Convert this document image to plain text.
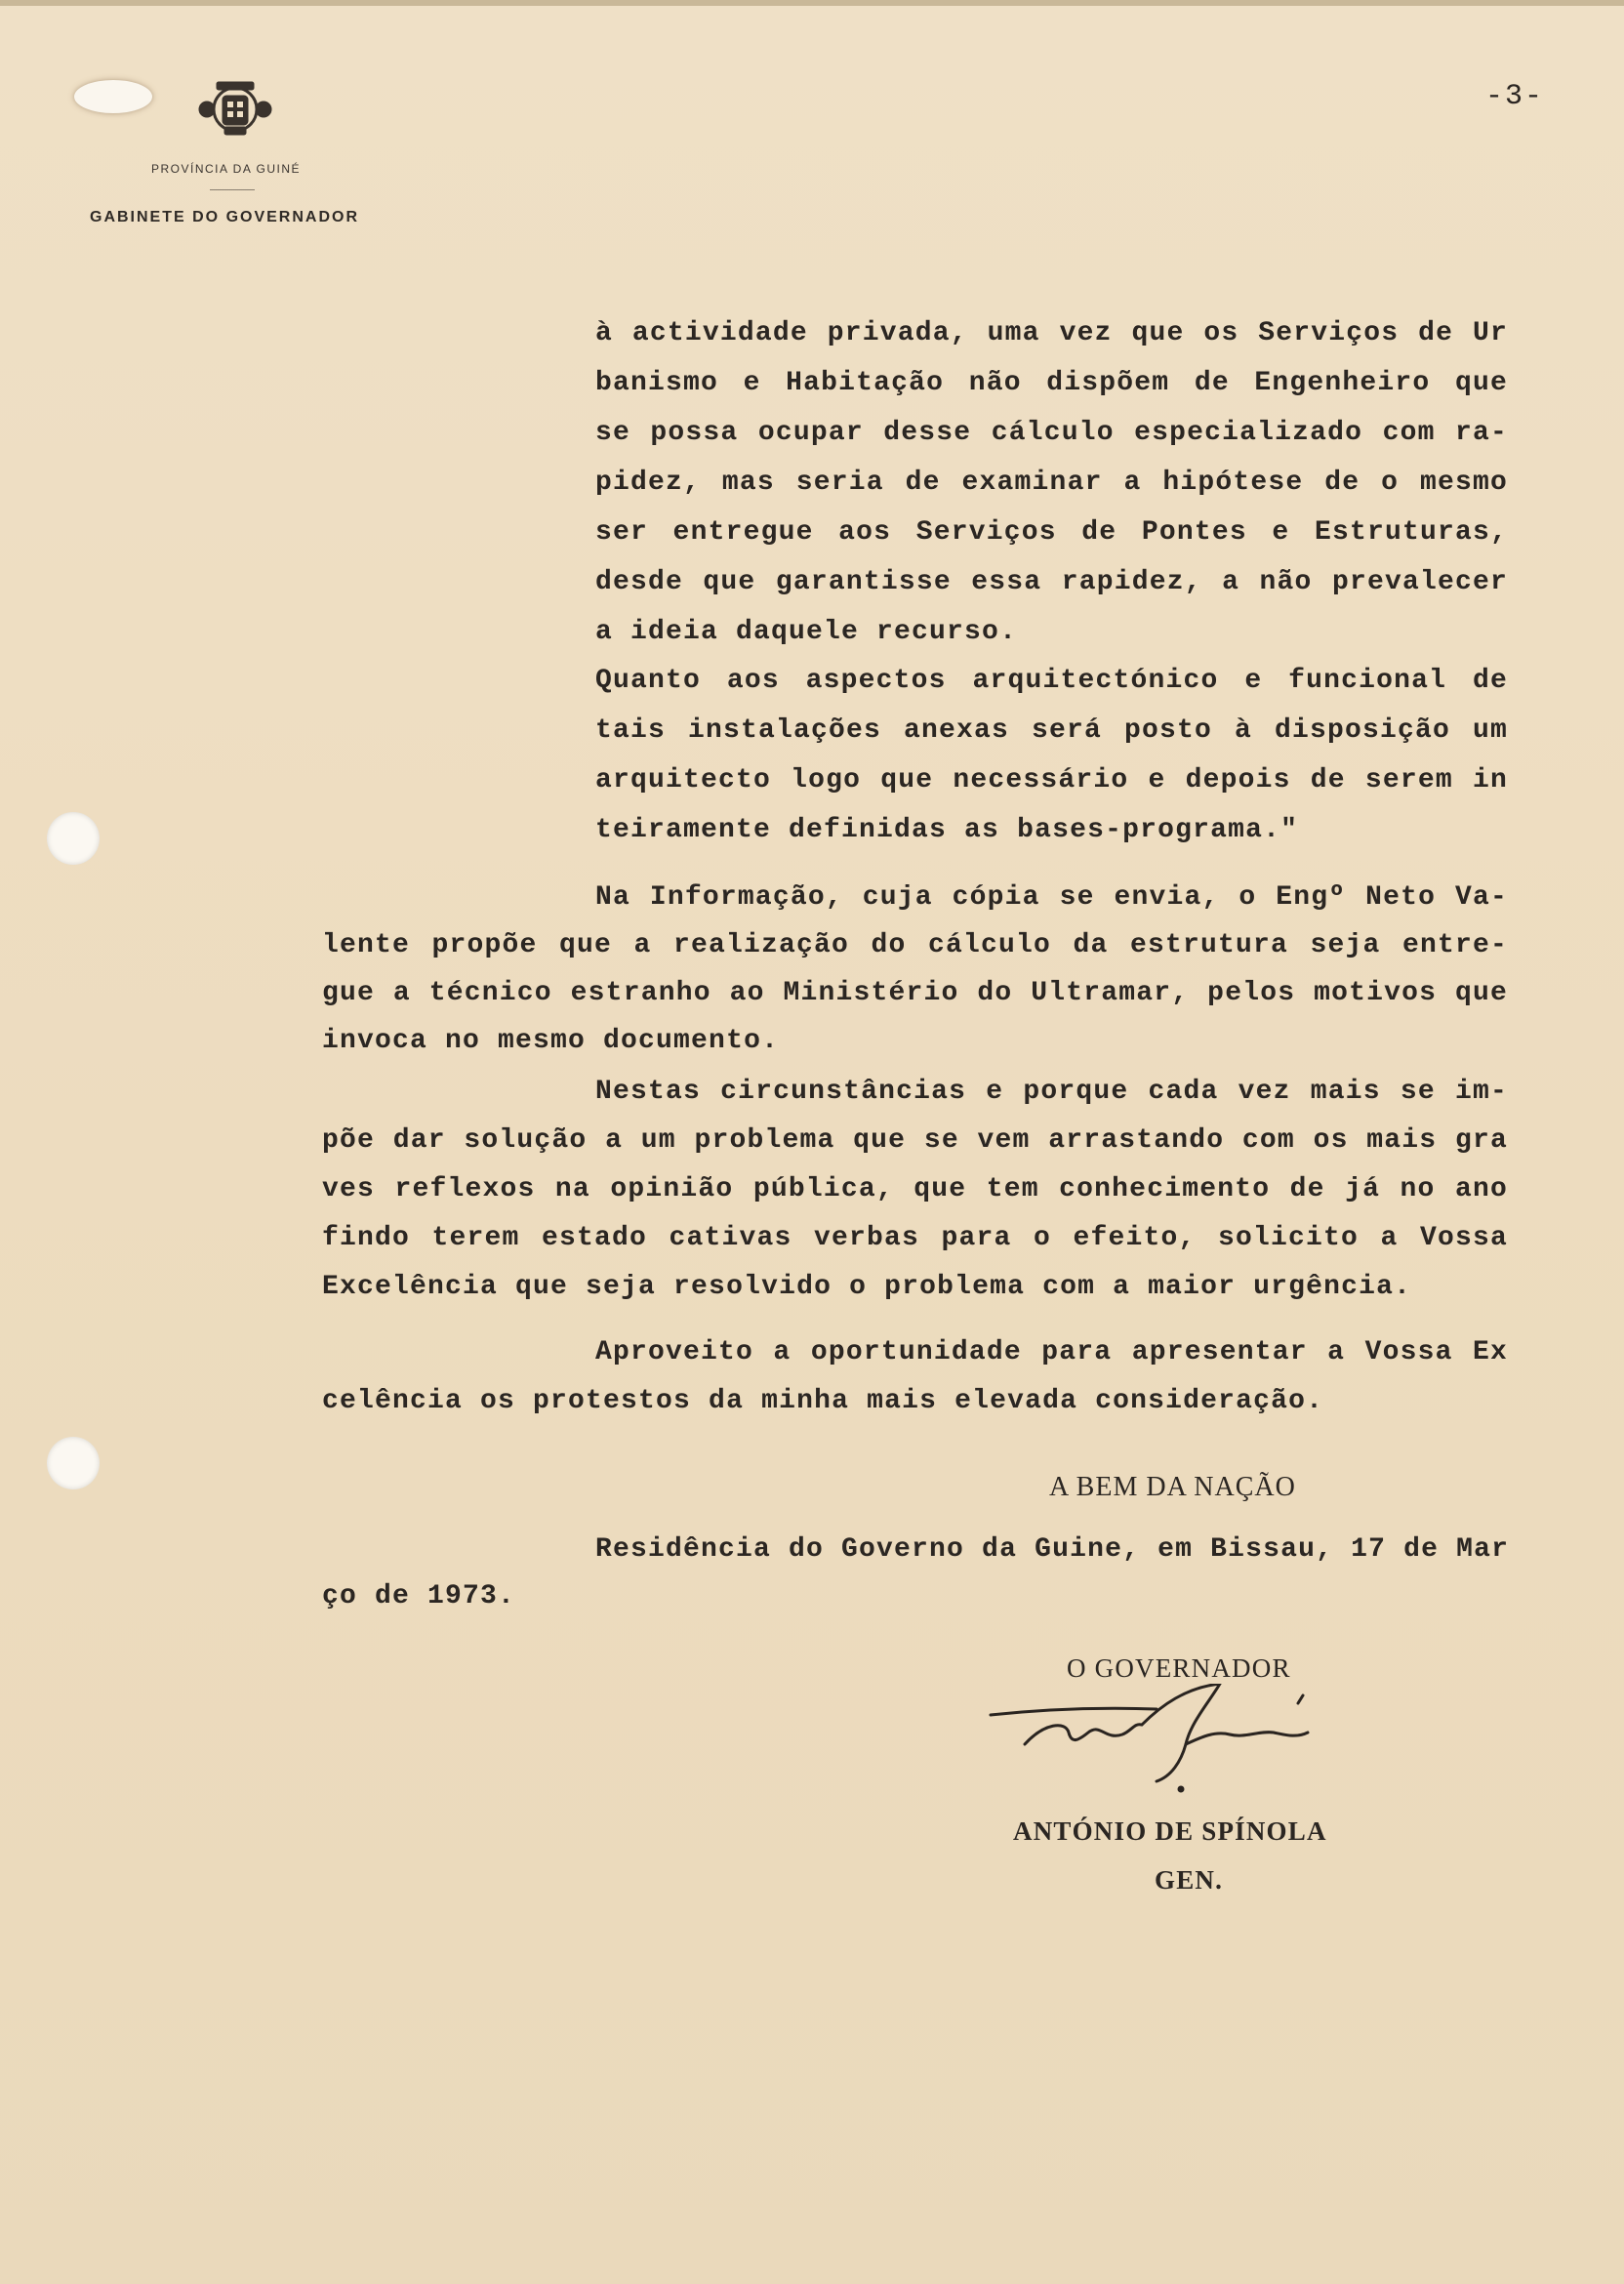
PROVÍNCIA DA GUINÉ
GABINETE DO GOVERNADOR
-3-

à actividade privada, uma vez que os Serviços de Ur

banismo e Habitação não dispõem de Engenheiro que

se possa ocupar desse cálculo especializado com ra-

pidez, mas seria de examinar a hipótese de o mesmo

ser entregue aos Serviços de Pontes e Estruturas,

desde que garantisse essa rapidez, a não prevalecer

a ideia daquele recurso.

Quanto aos aspectos arquitectónico e funcional de

tais instalações anexas será posto à disposição um

arquitecto logo que necessário e depois de serem in

teiramente definidas as bases-programa."

Na Informação, cuja cópia se envia, o Engº Neto Va-

lente propõe que a realização do cálculo da estrutura seja entre-

gue a técnico estranho ao Ministério do Ultramar, pelos motivos que

invoca no mesmo documento.

Nestas circunstâncias e porque cada vez mais se im-

põe dar solução a um problema que se vem arrastando com os mais gra

ves reflexos na opinião pública, que tem conhecimento de já no ano

findo terem estado cativas verbas para o efeito, solicito a Vossa

Excelência que seja resolvido o problema com a maior urgência.

Aproveito a oportunidade para apresentar a Vossa Ex

celência os protestos da minha mais elevada consideração.

A BEM DA NAÇÃO

Residência do Governo da Guine, em Bissau, 17 de Mar

ço de 1973.

O GOVERNADOR

ANTÓNIO DE SPÍNOLA

GEN.
